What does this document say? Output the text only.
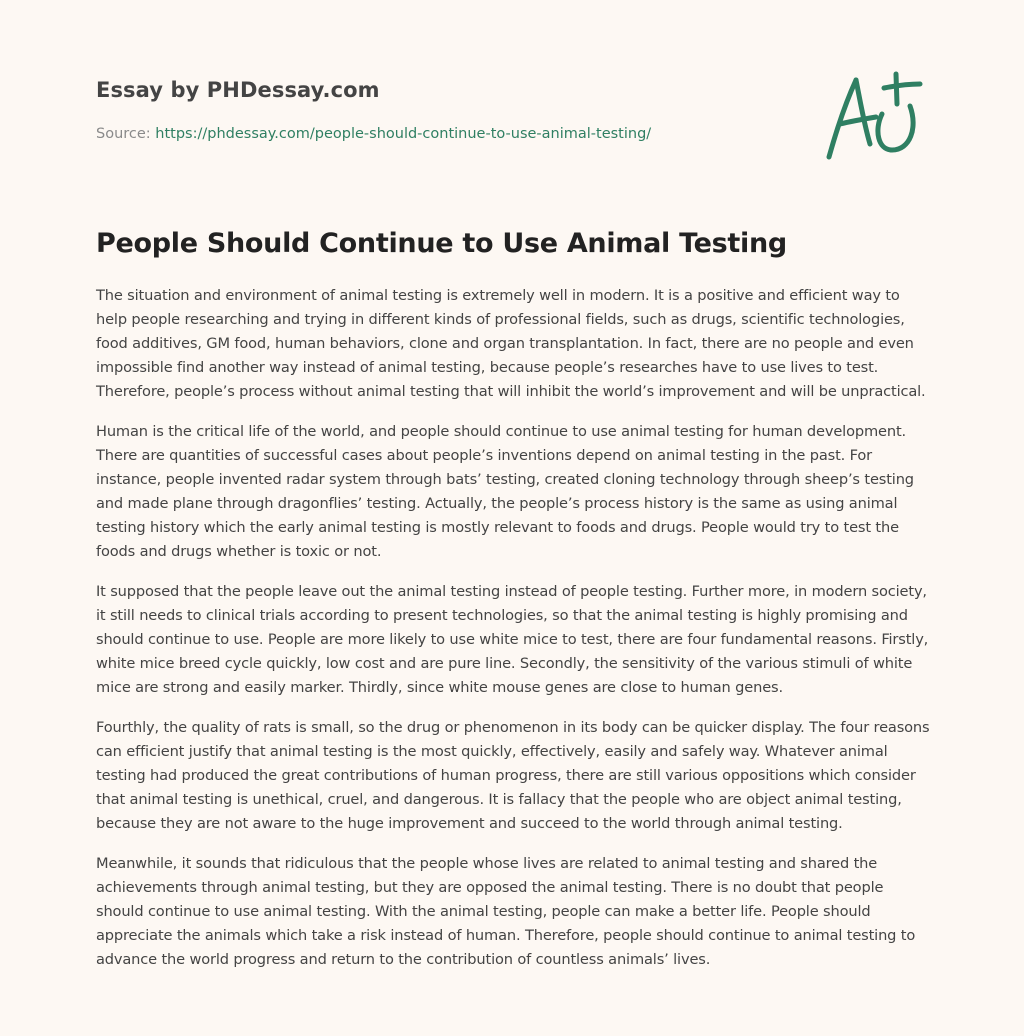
Essay by PHDessay.com
Source: https://phdessay.com/people-should-continue-to-use-animal-testing/
People Should Continue to Use Animal Testing

The situation and environment of animal testing is extremely well in modern. It is a positive and efficient way to help people researching and trying in different kinds of professional fields, such as drugs, scientific technologies, food additives, GM food, human behaviors, clone and organ transplantation. In fact, there are no people and even impossible find another way instead of animal testing, because people’s researches have to use lives to test. Therefore, people’s process without animal testing that will inhibit the world’s improvement and will be unpractical.

Human is the critical life of the world, and people should continue to use animal testing for human development. There are quantities of successful cases about people’s inventions depend on animal testing in the past. For instance, people invented radar system through bats’ testing, created cloning technology through sheep’s testing and made plane through dragonflies’ testing. Actually, the people’s process history is the same as using animal testing history which the early animal testing is mostly relevant to foods and drugs. People would try to test the foods and drugs whether is toxic or not.

It supposed that the people leave out the animal testing instead of people testing. Further more, in modern society, it still needs to clinical trials according to present technologies, so that the animal testing is highly promising and should continue to use. People are more likely to use white mice to test, there are four fundamental reasons. Firstly, white mice breed cycle quickly, low cost and are pure line. Secondly, the sensitivity of the various stimuli of white mice are strong and easily marker. Thirdly, since white mouse genes are close to human genes.

Fourthly, the quality of rats is small, so the drug or phenomenon in its body can be quicker display. The four reasons can efficient justify that animal testing is the most quickly, effectively, easily and safely way. Whatever animal testing had produced the great contributions of human progress, there are still various oppositions which consider that animal testing is unethical, cruel, and dangerous. It is fallacy that the people who are object animal testing, because they are not aware to the huge improvement and succeed to the world through animal testing.

Meanwhile, it sounds that ridiculous that the people whose lives are related to animal testing and shared the achievements through animal testing, but they are opposed the animal testing. There is no doubt that people should continue to use animal testing. With the animal testing, people can make a better life. People should appreciate the animals which take a risk instead of human. Therefore, people should continue to animal testing to advance the world progress and return to the contribution of countless animals’ lives.
